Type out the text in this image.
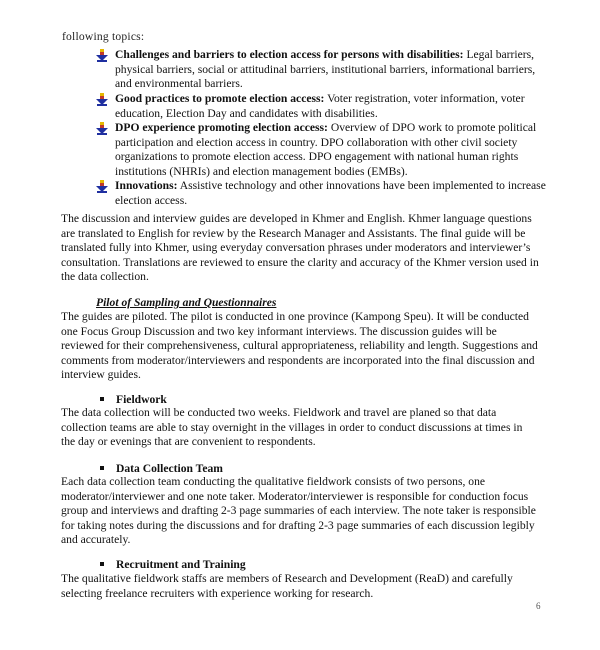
following topics:
Challenges and barriers to election access for persons with disabilities: Legal barriers, physical barriers, social or attitudinal barriers, institutional barriers, informational barriers, and environmental barriers.
Good practices to promote election access: Voter registration, voter information, voter education, Election Day and candidates with disabilities.
DPO experience promoting election access: Overview of DPO work to promote political participation and election access in country. DPO collaboration with other civil society organizations to promote election access. DPO engagement with national human rights institutions (NHRIs) and election management bodies (EMBs).
Innovations: Assistive technology and other innovations have been implemented to increase election access.
The discussion and interview guides are developed in Khmer and English. Khmer language questions are translated to English for review by the Research Manager and Assistants. The final guide will be translated fully into Khmer, using everyday conversation phrases under moderators and interviewer’s consultation. Translations are reviewed to ensure the clarity and accuracy of the Khmer version used in the data collection.
Pilot of Sampling and Questionnaires
The guides are piloted. The pilot is conducted in one province (Kampong Speu). It will be conducted one Focus Group Discussion and two key informant interviews. The discussion guides will be reviewed for their comprehensiveness, cultural appropriateness, reliability and length. Suggestions and comments from moderator/interviewers and respondents are incorporated into the final discussion and interview guides.
Fieldwork
The data collection will be conducted two weeks. Fieldwork and travel are planed so that data collection teams are able to stay overnight in the villages in order to conduct discussions at times in the day or evenings that are convenient to respondents.
Data Collection Team
Each data collection team conducting the qualitative fieldwork consists of two persons, one moderator/interviewer and one note taker. Moderator/interviewer is responsible for conduction focus group and interviews and drafting 2-3 page summaries of each interview. The note taker is responsible for taking notes during the discussions and for drafting 2-3 page summaries of each discussion legibly and accurately.
Recruitment and Training
The qualitative fieldwork staffs are members of Research and Development (ReaD) and carefully selecting freelance recruiters with experience working for research.
6
